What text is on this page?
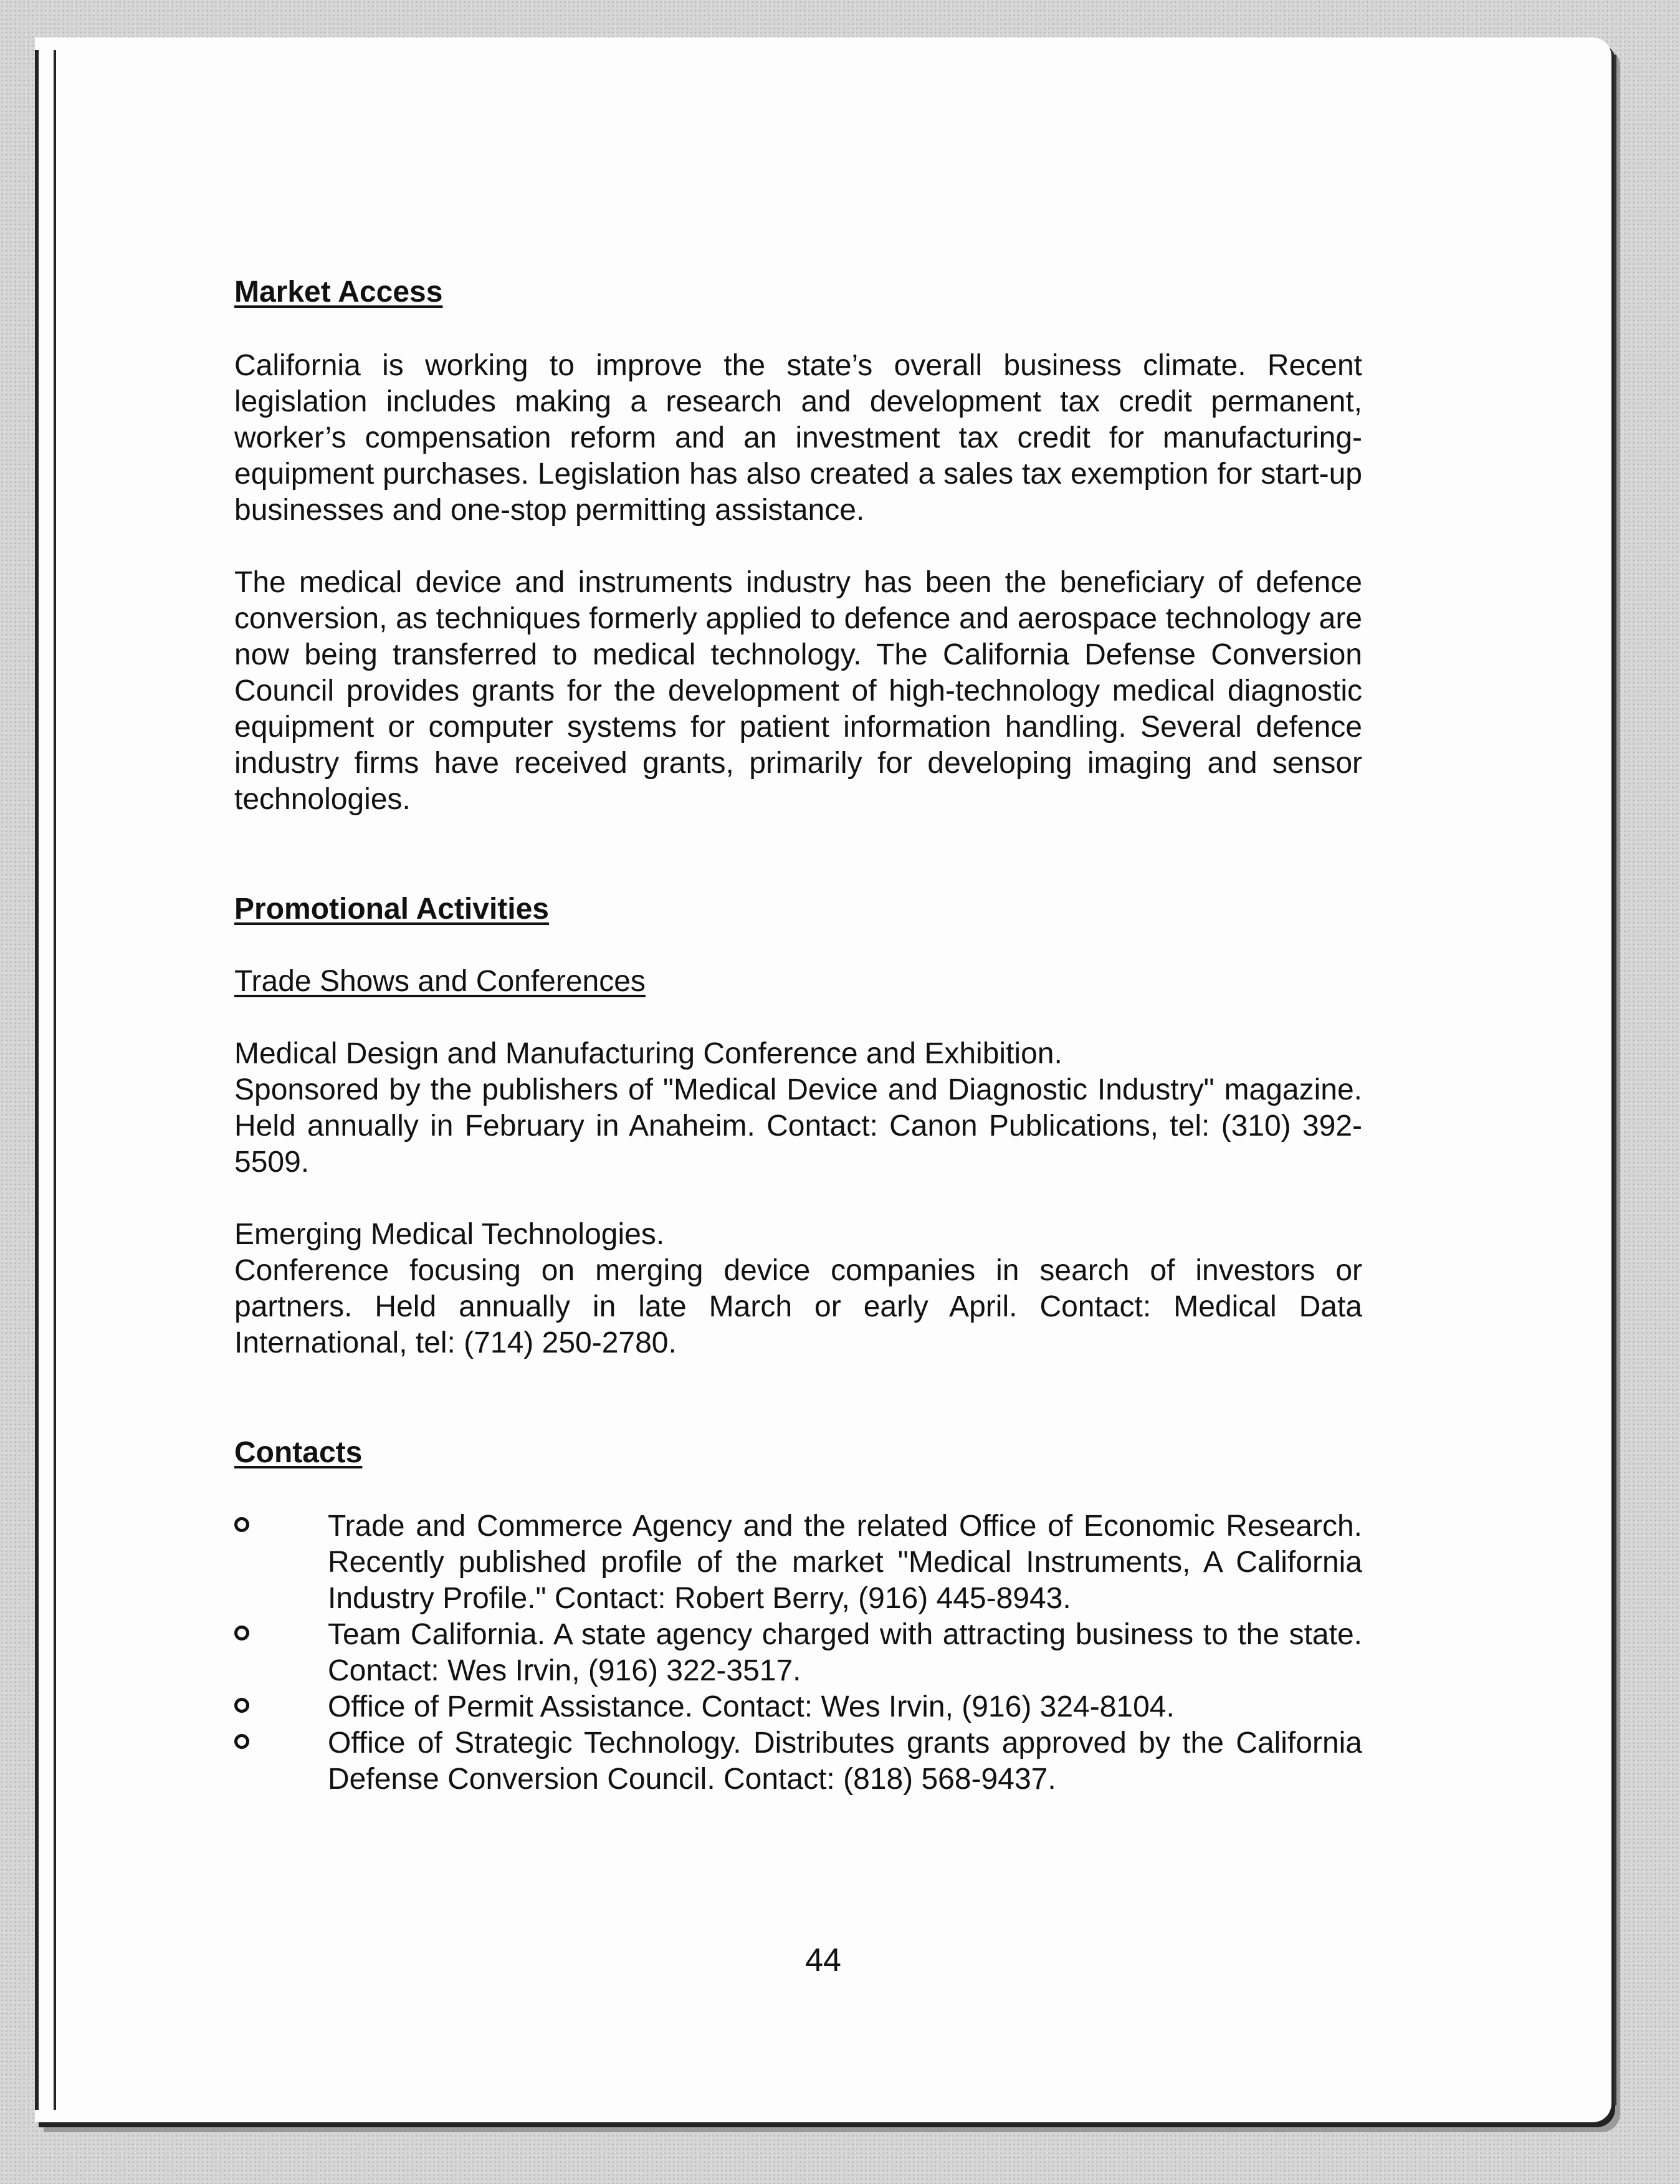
Market Access

California is working to improve the state’s overall business climate. Recent legislation includes making a research and development tax credit permanent, worker’s compensation reform and an investment tax credit for manufacturing-equipment purchases. Legislation has also created a sales tax exemption for start-up businesses and one-stop permitting assistance.

The medical device and instruments industry has been the beneficiary of defence conversion, as techniques formerly applied to defence and aerospace technology are now being transferred to medical technology. The California Defense Conversion Council provides grants for the development of high-technology medical diagnostic equipment or computer systems for patient information handling. Several defence industry firms have received grants, primarily for developing imaging and sensor technologies.

Promotional Activities
Trade Shows and Conferences

Medical Design and Manufacturing Conference and Exhibition.

Sponsored by the publishers of "Medical Device and Diagnostic Industry" magazine. Held annually in February in Anaheim. Contact: Canon Publications, tel: (310) 392-5509.

Emerging Medical Technologies.

Conference focusing on merging device companies in search of investors or partners. Held annually in late March or early April. Contact: Medical Data International, tel: (714) 250-2780.

Contacts
Trade and Commerce Agency and the related Office of Economic Research. Recently published profile of the market "Medical Instruments, A California Industry Profile." Contact: Robert Berry, (916) 445-8943.
Team California. A state agency charged with attracting business to the state. Contact: Wes Irvin, (916) 322-3517.
Office of Permit Assistance. Contact: Wes Irvin, (916) 324-8104.
Office of Strategic Technology. Distributes grants approved by the California Defense Conversion Council. Contact: (818) 568-9437.
44
